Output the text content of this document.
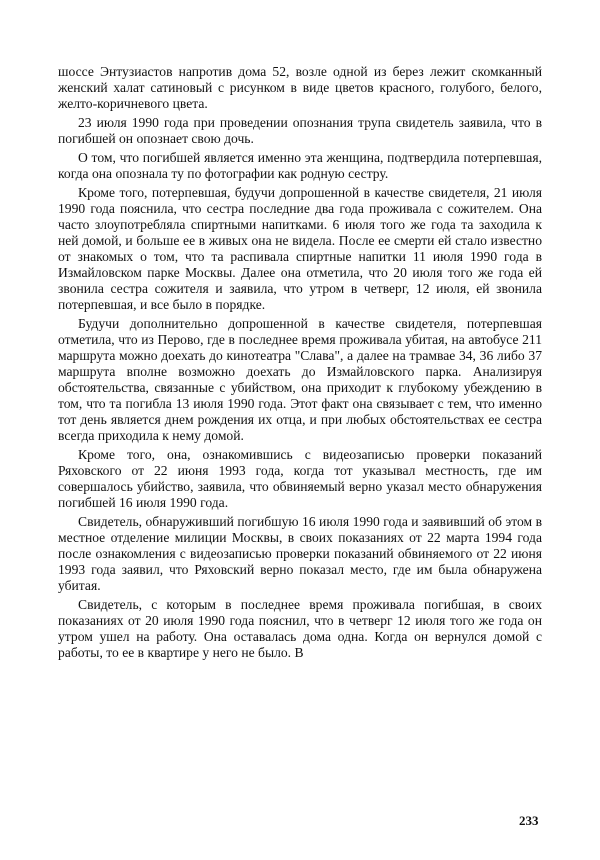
шоссе Энтузиастов напротив дома 52, возле одной из берез лежит скомканный женский халат сатиновый с рисунком в виде цветов красного, голубого, белого, желто-коричневого цвета.

23 июля 1990 года при проведении опознания трупа свидетель заявила, что в погибшей он опознает свою дочь.

О том, что погибшей является именно эта женщина, подтвердила потерпевшая, когда она опознала ту по фотографии как родную сестру.

Кроме того, потерпевшая, будучи допрошенной в качестве свидетеля, 21 июля 1990 года пояснила, что сестра последние два года проживала с сожителем. Она часто злоупотребляла спиртными напитками. 6 июля того же года та заходила к ней домой, и больше ее в живых она не видела. После ее смерти ей стало известно от знакомых о том, что та распивала спиртные напитки 11 июля 1990 года в Измайловском парке Москвы. Далее она отметила, что 20 июля того же года ей звонила сестра сожителя и заявила, что утром в четверг, 12 июля, ей звонила потерпевшая, и все было в порядке.

Будучи дополнительно допрошенной в качестве свидетеля, потерпевшая отметила, что из Перово, где в последнее время проживала убитая, на автобусе 211 маршрута можно доехать до кинотеатра "Слава", а далее на трамвае 34, 36 либо 37 маршрута вполне возможно доехать до Измайловского парка. Анализируя обстоятельства, связанные с убийством, она приходит к глубокому убеждению в том, что та погибла 13 июля 1990 года. Этот факт она связывает с тем, что именно тот день является днем рождения их отца, и при любых обстоятельствах ее сестра всегда приходила к нему домой.

Кроме того, она, ознакомившись с видеозаписью проверки показаний Ряховского от 22 июня 1993 года, когда тот указывал местность, где им совершалось убийство, заявила, что обвиняемый верно указал место обнаружения погибшей 16 июля 1990 года.

Свидетель, обнаруживший погибшую 16 июля 1990 года и заявивший об этом в местное отделение милиции Москвы, в своих показаниях от 22 марта 1994 года после ознакомления с видеозаписью проверки показаний обвиняемого от 22 июня 1993 года заявил, что Ряховский верно показал место, где им была обнаружена убитая.

Свидетель, с которым в последнее время проживала погибшая, в своих показаниях от 20 июля 1990 года пояснил, что в четверг 12 июля того же года он утром ушел на работу. Она оставалась дома одна. Когда он вернулся домой с работы, то ее в квартире у него не было. В

233
